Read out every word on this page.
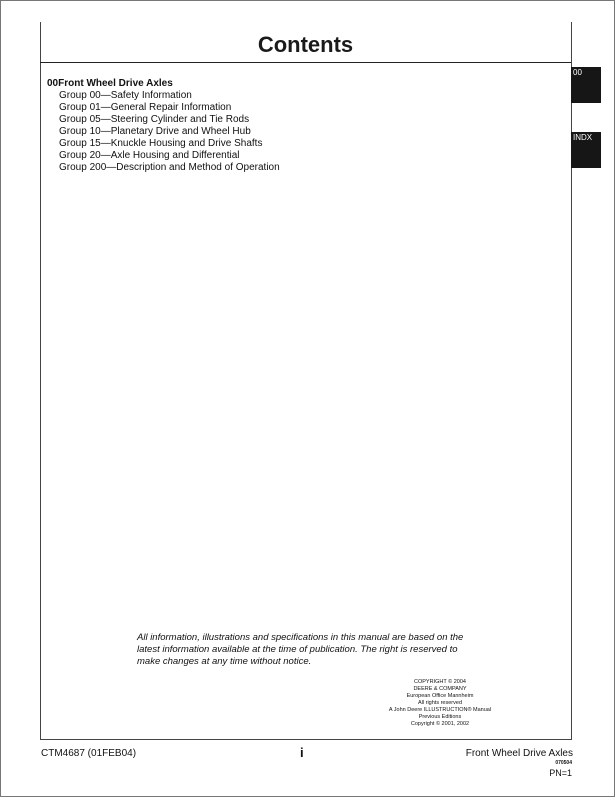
Contents
00Front Wheel Drive Axles
Group 00—Safety Information
Group 01—General Repair Information
Group 05—Steering Cylinder and Tie Rods
Group 10—Planetary Drive and Wheel Hub
Group 15—Knuckle Housing and Drive Shafts
Group 20—Axle Housing and Differential
Group 200—Description and Method of Operation
00
INDX
All information, illustrations and specifications in this manual are based on the latest information available at the time of publication. The right is reserved to make changes at any time without notice.
COPYRIGHT © 2004
DEERE & COMPANY
European Office Mannheim
All rights reserved
A John Deere ILLUSTRUCTION® Manual
Previous Editions
Copyright © 2001, 2002
CTM4687 (01FEB04)	i	Front Wheel Drive Axles
070504
PN=1
